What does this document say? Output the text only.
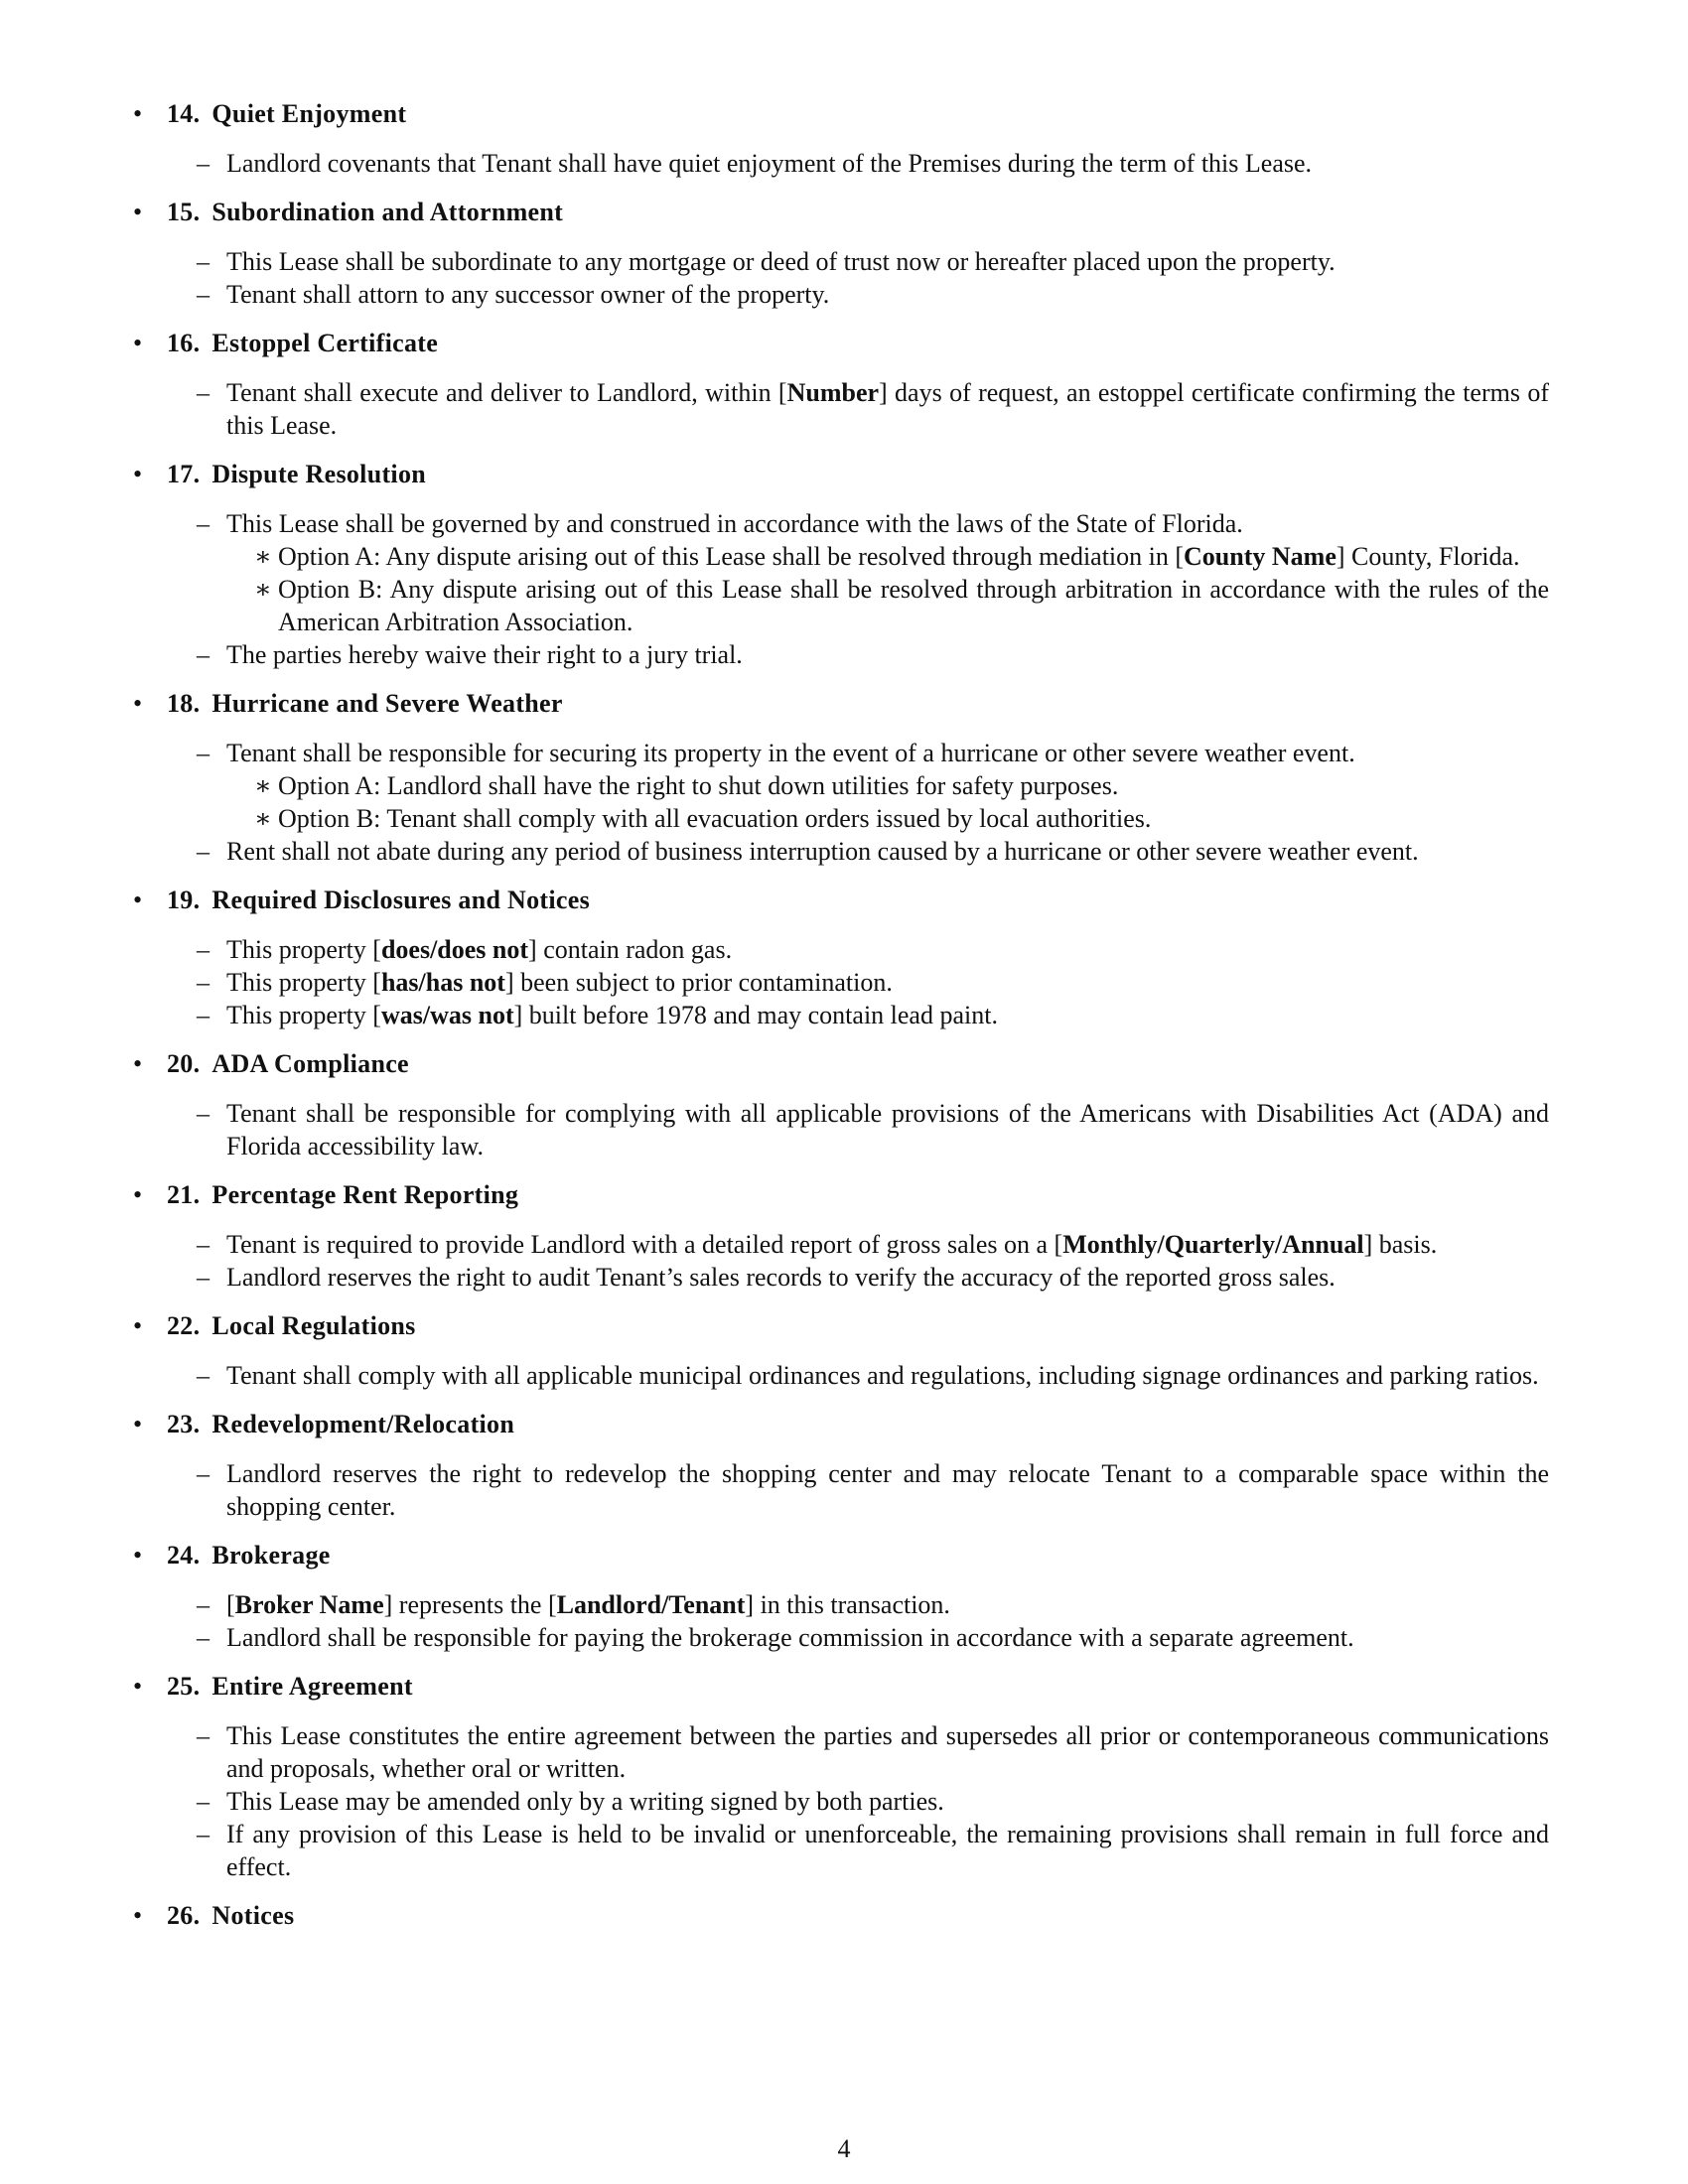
• 14. Quiet Enjoyment
– Landlord covenants that Tenant shall have quiet enjoyment of the Premises during the term of this Lease.
• 15. Subordination and Attornment
– This Lease shall be subordinate to any mortgage or deed of trust now or hereafter placed upon the property.
– Tenant shall attorn to any successor owner of the property.
• 16. Estoppel Certificate
– Tenant shall execute and deliver to Landlord, within [Number] days of request, an estoppel certificate confirming the terms of this Lease.
• 17. Dispute Resolution
– This Lease shall be governed by and construed in accordance with the laws of the State of Florida.
∗ Option A: Any dispute arising out of this Lease shall be resolved through mediation in [County Name] County, Florida.
∗ Option B: Any dispute arising out of this Lease shall be resolved through arbitration in accordance with the rules of the American Arbitration Association.
– The parties hereby waive their right to a jury trial.
• 18. Hurricane and Severe Weather
– Tenant shall be responsible for securing its property in the event of a hurricane or other severe weather event.
∗ Option A: Landlord shall have the right to shut down utilities for safety purposes.
∗ Option B: Tenant shall comply with all evacuation orders issued by local authorities.
– Rent shall not abate during any period of business interruption caused by a hurricane or other severe weather event.
• 19. Required Disclosures and Notices
– This property [does/does not] contain radon gas.
– This property [has/has not] been subject to prior contamination.
– This property [was/was not] built before 1978 and may contain lead paint.
• 20. ADA Compliance
– Tenant shall be responsible for complying with all applicable provisions of the Americans with Disabilities Act (ADA) and Florida accessibility law.
• 21. Percentage Rent Reporting
– Tenant is required to provide Landlord with a detailed report of gross sales on a [Monthly/Quarterly/Annual] basis.
– Landlord reserves the right to audit Tenant’s sales records to verify the accuracy of the reported gross sales.
• 22. Local Regulations
– Tenant shall comply with all applicable municipal ordinances and regulations, including signage ordinances and parking ratios.
• 23. Redevelopment/Relocation
– Landlord reserves the right to redevelop the shopping center and may relocate Tenant to a comparable space within the shopping center.
• 24. Brokerage
– [Broker Name] represents the [Landlord/Tenant] in this transaction.
– Landlord shall be responsible for paying the brokerage commission in accordance with a separate agreement.
• 25. Entire Agreement
– This Lease constitutes the entire agreement between the parties and supersedes all prior or contemporaneous communications and proposals, whether oral or written.
– This Lease may be amended only by a writing signed by both parties.
– If any provision of this Lease is held to be invalid or unenforceable, the remaining provisions shall remain in full force and effect.
• 26. Notices
4
